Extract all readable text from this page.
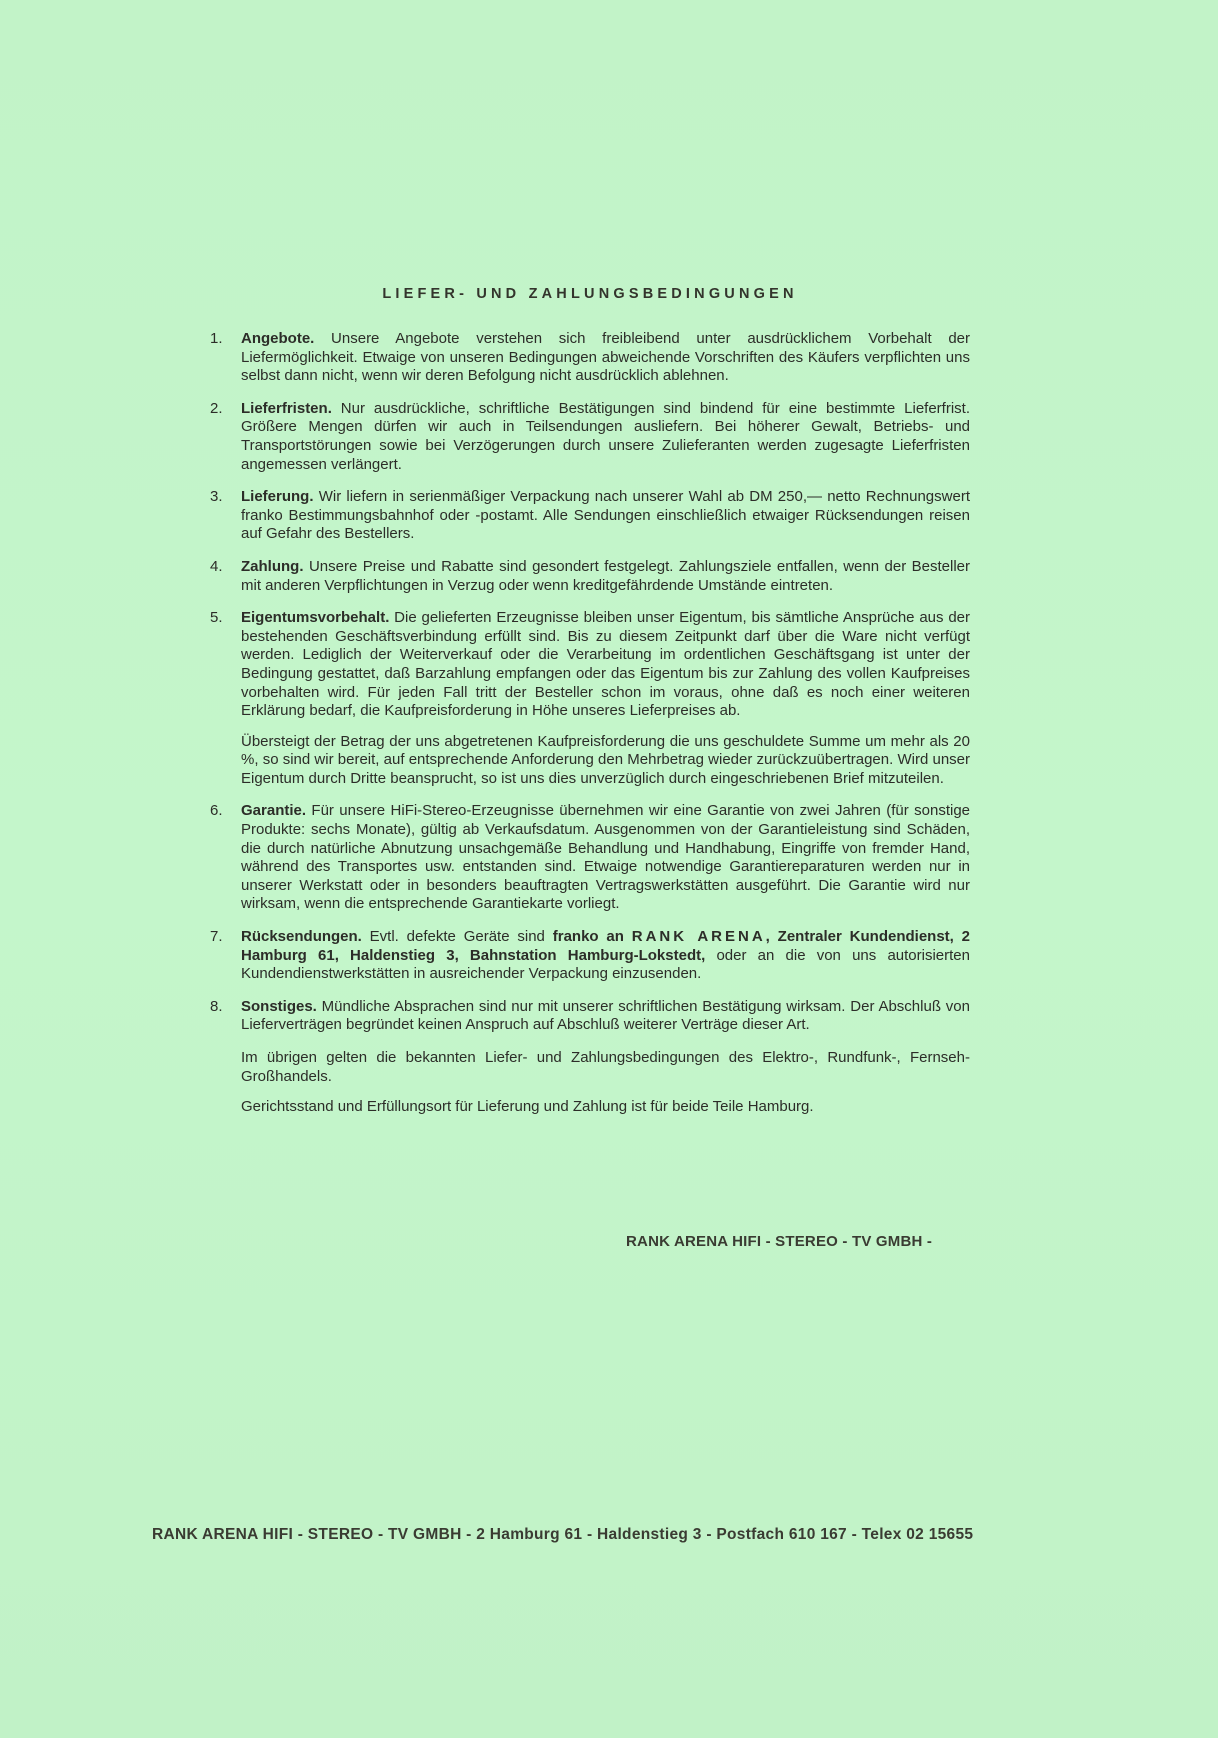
LIEFER- UND ZAHLUNGSBEDINGUNGEN
1.	Angebote. Unsere Angebote verstehen sich freibleibend unter ausdrücklichem Vorbehalt der Liefermöglichkeit. Etwaige von unseren Bedingungen abweichende Vorschriften des Käufers verpflichten uns selbst dann nicht, wenn wir deren Befolgung nicht ausdrücklich ablehnen.

2.	Lieferfristen. Nur ausdrückliche, schriftliche Bestätigungen sind bindend für eine bestimmte Lieferfrist. Größere Mengen dürfen wir auch in Teilsendungen ausliefern. Bei höherer Gewalt, Betriebs- und Transportstörungen sowie bei Verzögerungen durch unsere Zulieferanten werden zugesagte Lieferfristen angemessen verlängert.

3.	Lieferung. Wir liefern in serienmäßiger Verpackung nach unserer Wahl ab DM 250,— netto Rechnungswert franko Bestimmungsbahnhof oder -postamt. Alle Sendungen einschließlich etwaiger Rücksendungen reisen auf Gefahr des Bestellers.

4.	Zahlung. Unsere Preise und Rabatte sind gesondert festgelegt. Zahlungsziele entfallen, wenn der Besteller mit anderen Verpflichtungen in Verzug oder wenn kreditgefährdende Umstände eintreten.

5.	Eigentumsvorbehalt. Die gelieferten Erzeugnisse bleiben unser Eigentum, bis sämtliche Ansprüche aus der bestehenden Geschäftsverbindung erfüllt sind. Bis zu diesem Zeitpunkt darf über die Ware nicht verfügt werden. Lediglich der Weiterverkauf oder die Verarbeitung im ordentlichen Geschäftsgang ist unter der Bedingung gestattet, daß Barzahlung empfangen oder das Eigentum bis zur Zahlung des vollen Kaufpreises vorbehalten wird. Für jeden Fall tritt der Besteller schon im voraus, ohne daß es noch einer weiteren Erklärung bedarf, die Kaufpreisforderung in Höhe unseres Lieferpreises ab.

Übersteigt der Betrag der uns abgetretenen Kaufpreisforderung die uns geschuldete Summe um mehr als 20 %, so sind wir bereit, auf entsprechende Anforderung den Mehrbetrag wieder zurückzuübertragen. Wird unser Eigentum durch Dritte beansprucht, so ist uns dies unverzüglich durch eingeschriebenen Brief mitzuteilen.

6.	Garantie. Für unsere HiFi-Stereo-Erzeugnisse übernehmen wir eine Garantie von zwei Jahren (für sonstige Produkte: sechs Monate), gültig ab Verkaufsdatum. Ausgenommen von der Garantieleistung sind Schäden, die durch natürliche Abnutzung unsachgemäße Behandlung und Handhabung, Eingriffe von fremder Hand, während des Transportes usw. entstanden sind. Etwaige notwendige Garantiereparaturen werden nur in unserer Werkstatt oder in besonders beauftragten Vertragswerkstätten ausgeführt. Die Garantie wird nur wirksam, wenn die entsprechende Garantiekarte vorliegt.

7.	Rücksendungen. Evtl. defekte Geräte sind franko an RANK ARENA, Zentraler Kundendienst, 2 Hamburg 61, Haldenstieg 3, Bahnstation Hamburg-Lokstedt, oder an die von uns autorisierten Kundendienstwerkstätten in ausreichender Verpackung einzusenden.

8.	Sonstiges. Mündliche Absprachen sind nur mit unserer schriftlichen Bestätigung wirksam. Der Abschluß von Lieferverträgen begründet keinen Anspruch auf Abschluß weiterer Verträge dieser Art.

Im übrigen gelten die bekannten Liefer- und Zahlungsbedingungen des Elektro-, Rundfunk-, Fernseh-Großhandels.
Gerichtsstand und Erfüllungsort für Lieferung und Zahlung ist für beide Teile Hamburg.
RANK ARENA HIFI - STEREO - TV GMBH -
RANK ARENA HIFI - STEREO - TV GMBH - 2 Hamburg 61 - Haldenstieg 3 - Postfach 610 167 - Telex 02 15655
